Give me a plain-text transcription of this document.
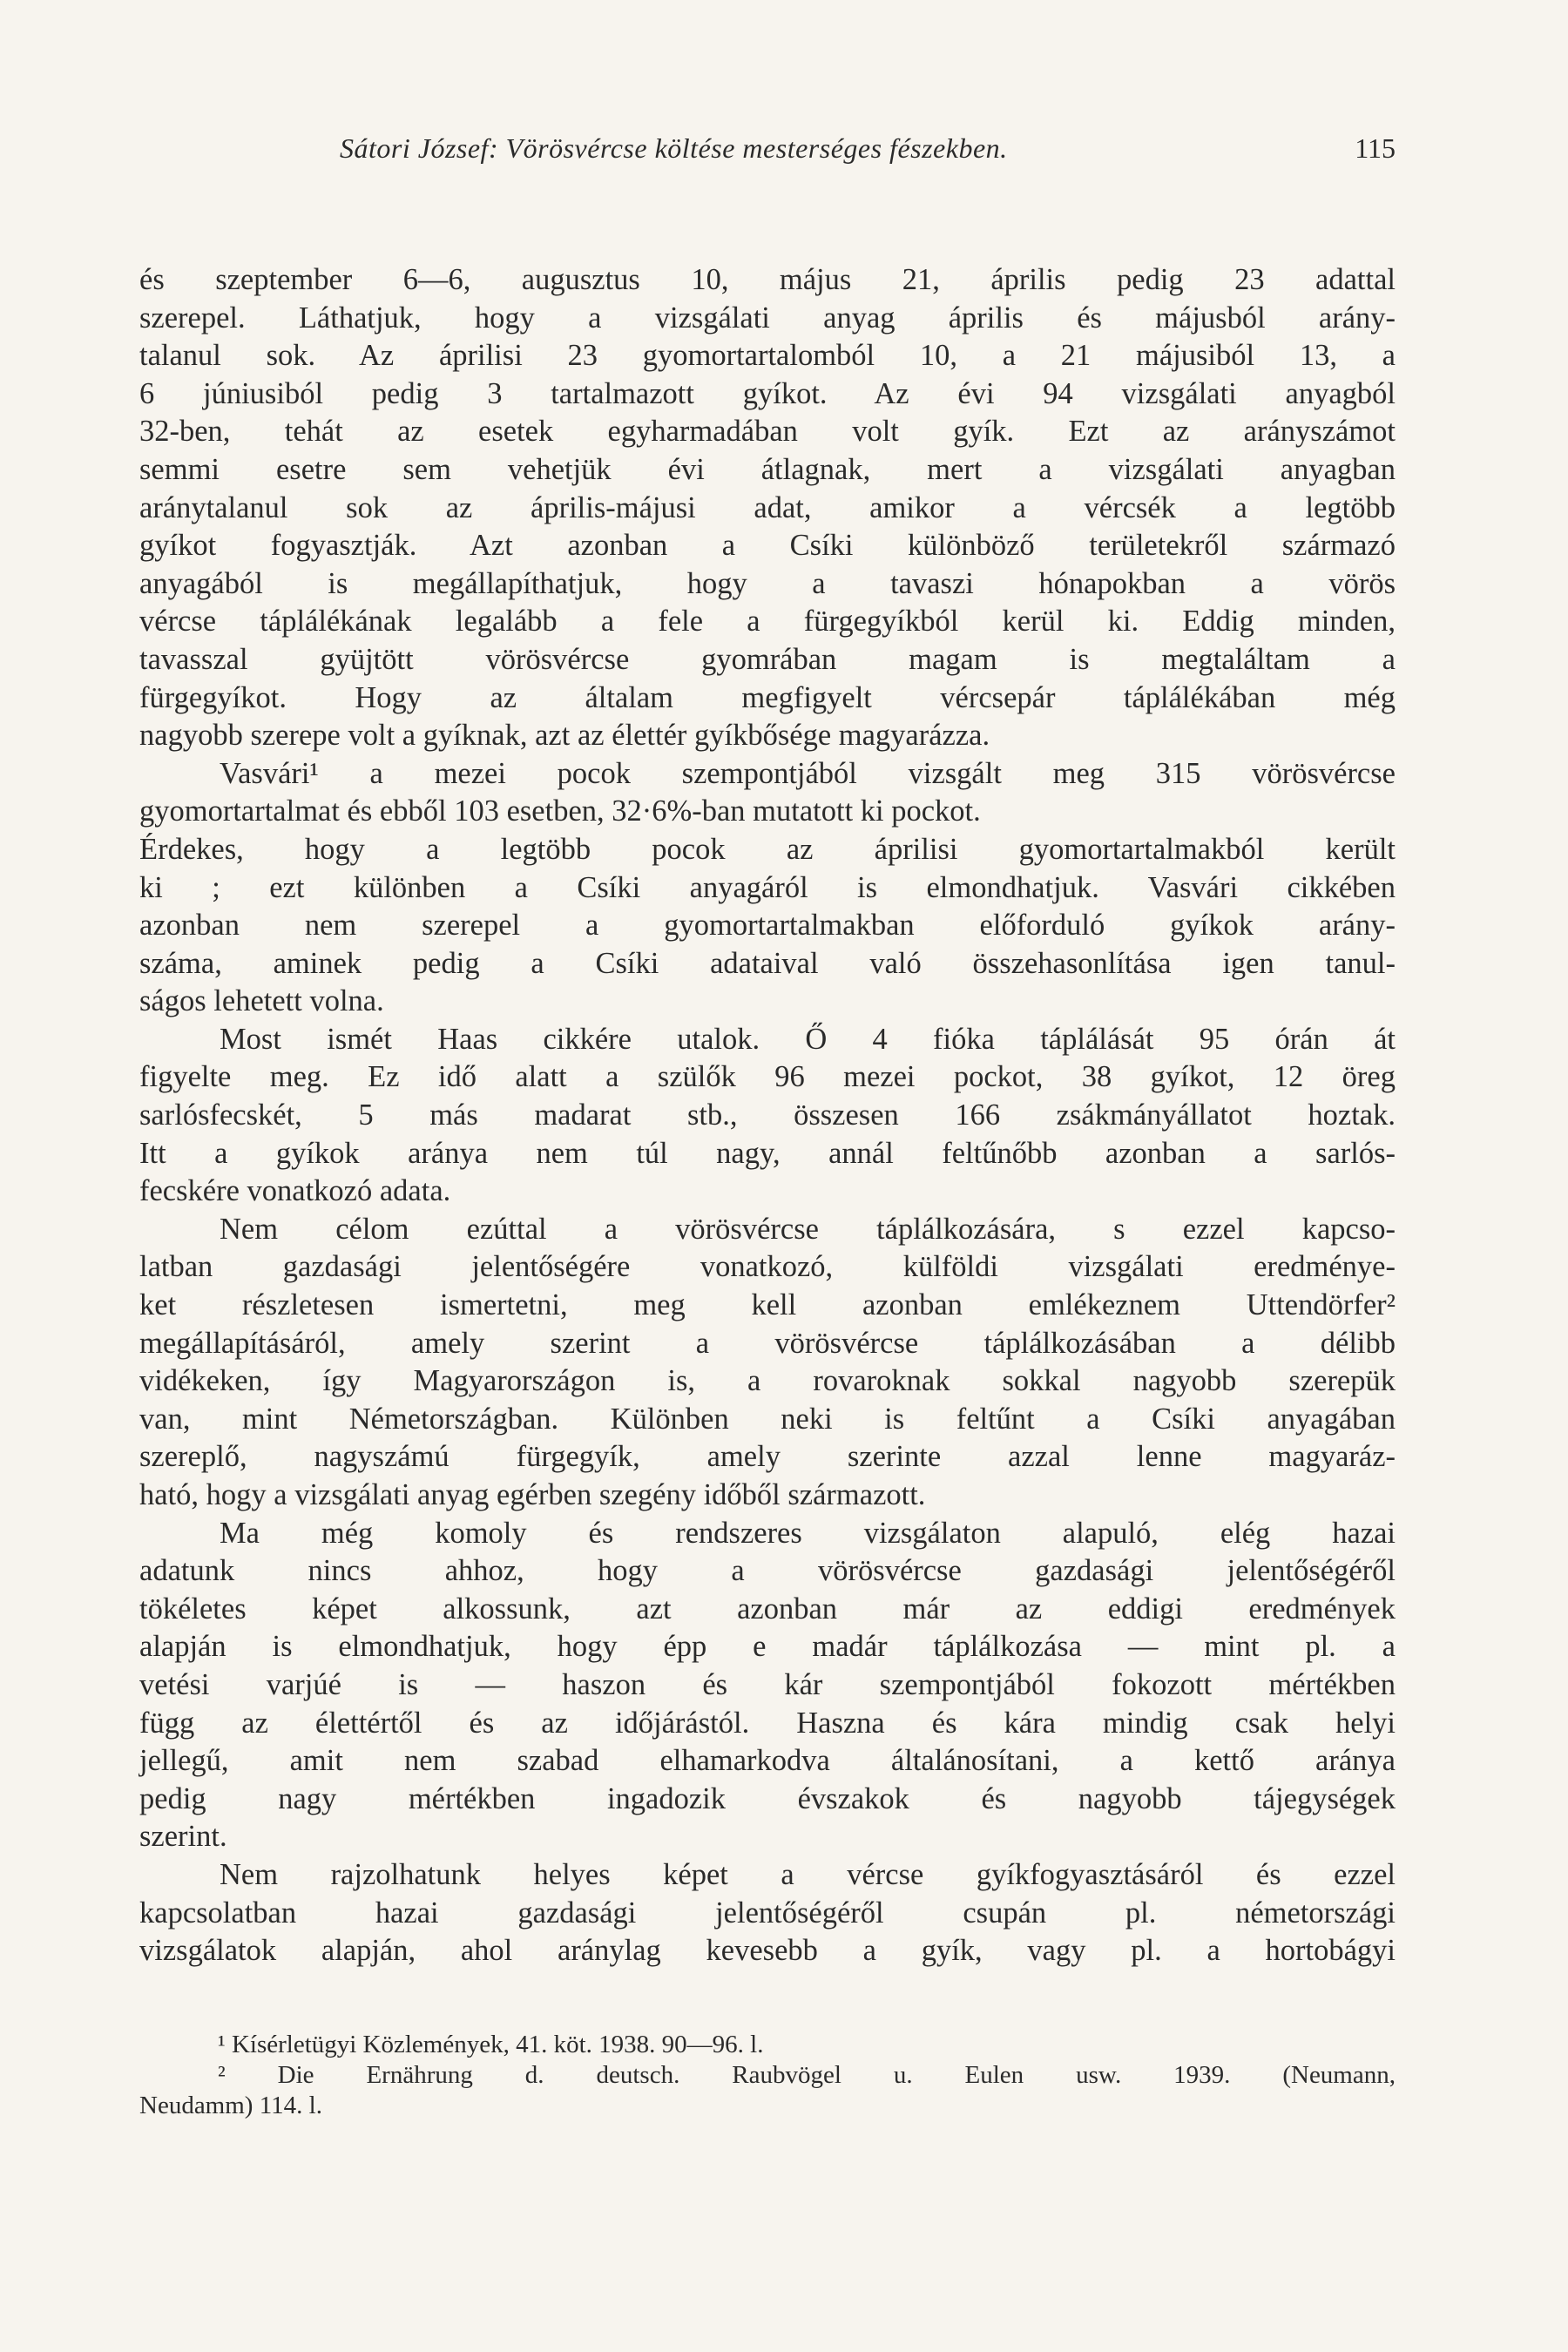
Sátori József: Vörösvércse költése mesterséges fészekben.	115
és szeptember 6—6, augusztus 10, május 21, április pedig 23 adattal
szerepel. Láthatjuk, hogy a vizsgálati anyag április és májusból arány-
talanul sok. Az áprilisi 23 gyomortartalomból 10, a 21 májusiból 13, a
6 júniusiból pedig 3 tartalmazott gyíkot. Az évi 94 vizsgálati anyagból
32-ben, tehát az esetek egyharmadában volt gyík. Ezt az arányszámot
semmi esetre sem vehetjük évi átlagnak, mert a vizsgálati anyagban
aránytalanul sok az április-májusi adat, amikor a vércsék a legtöbb
gyíkot fogyasztják. Azt azonban a Csíki különböző területekről származó
anyagából is megállapíthatjuk, hogy a tavaszi hónapokban a vörös
vércse táplálékának legalább a fele a fürgegyíkból kerül ki. Eddig minden,
tavasszal gyüjtött vörösvércse gyomrában magam is megtaláltam a
fürgegyíkot. Hogy az általam megfigyelt vércsepár táplálékában még
nagyobb szerepe volt a gyíknak, azt az élettér gyíkbősége magyarázza.
Vasvári¹ a mezei pocok szempontjából vizsgált meg 315 vörösvércse
gyomortartalmat és ebből 103 esetben, 32·6%-ban mutatott ki pockot.
Érdekes, hogy a legtöbb pocok az áprilisi gyomortartalmakból került
ki ; ezt különben a Csíki anyagáról is elmondhatjuk. Vasvári cikkében
azonban nem szerepel a gyomortartalmakban előforduló gyíkok arány-
száma, aminek pedig a Csíki adataival való összehasonlítása igen tanul-
ságos lehetett volna.
Most ismét Haas cikkére utalok. Ő 4 fióka táplálását 95 órán át
figyelte meg. Ez idő alatt a szülők 96 mezei pockot, 38 gyíkot, 12 öreg
sarlósfecskét, 5 más madarat stb., összesen 166 zsákmányállatot hoztak.
Itt a gyíkok aránya nem túl nagy, annál feltűnőbb azonban a sarlós-
fecskére vonatkozó adata.
Nem célom ezúttal a vörösvércse táplálkozására, s ezzel kapcso-
latban gazdasági jelentőségére vonatkozó, külföldi vizsgálati eredménye-
ket részletesen ismertetni, meg kell azonban emlékeznem Uttendörfer²
megállapításáról, amely szerint a vörösvércse táplálkozásában a délibb
vidékeken, így Magyarországon is, a rovaroknak sokkal nagyobb szerepük
van, mint Németországban. Különben neki is feltűnt a Csíki anyagában
szereplő, nagyszámú fürgegyík, amely szerinte azzal lenne magyaráz-
ható, hogy a vizsgálati anyag egérben szegény időből származott.
Ma még komoly és rendszeres vizsgálaton alapuló, elég hazai
adatunk nincs ahhoz, hogy a vörösvércse gazdasági jelentőségéről
tökéletes képet alkossunk, azt azonban már az eddigi eredmények
alapján is elmondhatjuk, hogy épp e madár táplálkozása — mint pl. a
vetési varjúé is — haszon és kár szempontjából fokozott mértékben
függ az élettértől és az időjárástól. Haszna és kára mindig csak helyi
jellegű, amit nem szabad elhamarkodva általánosítani, a kettő aránya
pedig nagy mértékben ingadozik évszakok és nagyobb tájegységek
szerint.
Nem rajzolhatunk helyes képet a vércse gyíkfogyasztásáról és ezzel
kapcsolatban hazai gazdasági jelentőségéről csupán pl. németországi
vizsgálatok alapján, ahol aránylag kevesebb a gyík, vagy pl. a hortobágyi
¹ Kísérletügyi Közlemények, 41. köt. 1938. 90—96. l.
² Die Ernährung d. deutsch. Raubvögel u. Eulen usw. 1939. (Neumann,
Neudamm) 114. l.
